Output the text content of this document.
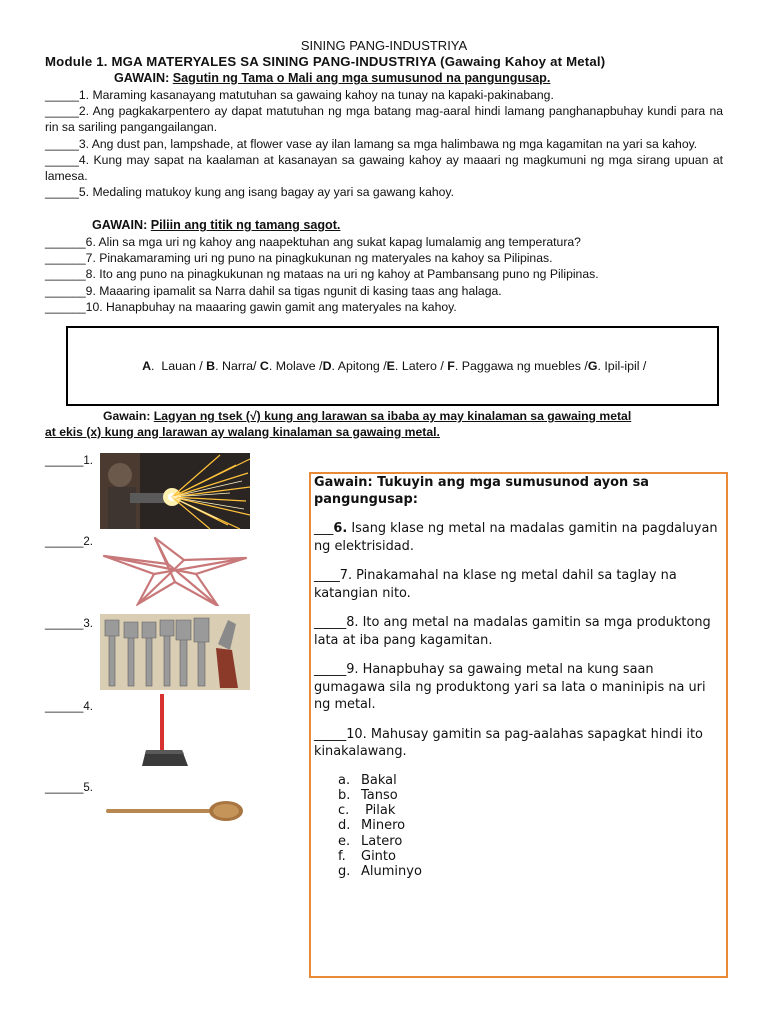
SINING PANG-INDUSTRIYA
Module 1. MGA MATERYALES SA SINING PANG-INDUSTRIYA (Gawaing Kahoy at Metal)
GAWAIN: Sagutin ng Tama o Mali ang mga sumusunod na pangungusap.
_____1. Maraming kasanayang matutuhan sa gawaing kahoy na tunay na kapaki-pakinabang.
_____2. Ang pagkakarpentero ay dapat matutuhan ng mga batang mag-aaral hindi lamang panghanapbuhay kundi para na rin sa sariling pangangailangan.
_____3. Ang dust pan, lampshade, at flower vase ay ilan lamang sa mga halimbawa ng mga kagamitan na yari sa kahoy.
_____4. Kung may sapat na kaalaman at kasanayan sa gawaing kahoy ay maaari ng magkumuni ng mga sirang upuan at lamesa.
_____5. Medaling matukoy kung ang isang bagay ay yari sa gawang kahoy.
GAWAIN: Piliin ang titik ng tamang sagot.
______6. Alin sa mga uri ng kahoy ang naapektuhan ang sukat kapag lumalamig ang temperatura?
______7. Pinakamaraming uri ng puno na pinagkukunan ng materyales na kahoy sa Pilipinas.
______8. Ito ang puno na pinagkukunan ng mataas na uri ng kahoy at Pambansang puno ng Pilipinas.
______9. Maaaring ipamalit sa Narra dahil sa tigas ngunit di kasing taas ang halaga.
______10. Hanapbuhay na maaaring gawin gamit ang materyales na kahoy.
A.  Lauan / B. Narra/ C. Molave / D. Apitong / E. Latero / F. Paggawa ng muebles / G. Ipil-ipil /
Gawain: Lagyan ng tsek (√) kung ang larawan sa ibaba ay may kinalaman sa gawaing metal
at ekis (x) kung ang larawan ay walang kinalaman sa gawaing metal.
______1.
______2.
______3.
______4.
______5.
Gawain: Tukuyin ang mga sumusunod ayon sa pangungusap:
___6. Isang klase ng metal na madalas gamitin na pagdaluyan ng elektrisidad.
____7. Pinakamahal na klase ng metal dahil sa taglay na katangian nito.
_____8. Ito ang metal na madalas gamitin sa mga produktong lata at iba pang kagamitan.
_____9. Hanapbuhay sa gawaing metal na kung saan gumagawa sila ng produktong yari sa lata o maninipis na uri ng metal.
_____10. Mahusay gamitin sa pag-aalahas sapagkat hindi ito kinakalawang.
a. Bakal
b. Tanso
c. Pilak
d. Minero
e. Latero
f.	Ginto
g. Aluminyo
